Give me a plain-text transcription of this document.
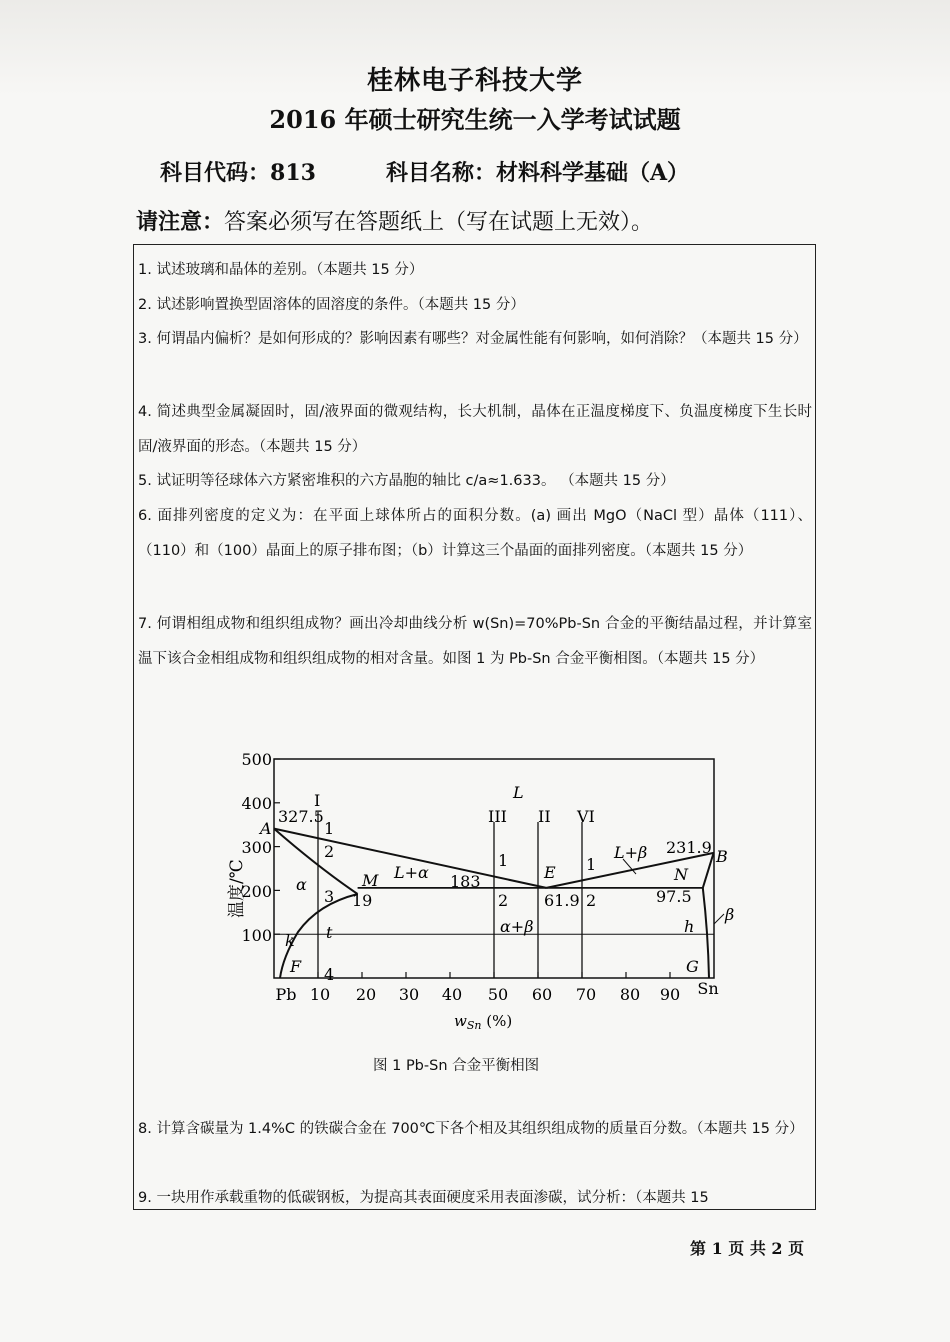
桂林电子科技大学
2016 年硕士研究生统一入学考试试题
科目代码：813	科目名称：材料科学基础（A）
请注意：答案必须写在答题纸上（写在试题上无效）。
1. 试述玻璃和晶体的差别。（本题共 15 分）
2. 试述影响置换型固溶体的固溶度的条件。（本题共 15 分）
3. 何谓晶内偏析？是如何形成的？影响因素有哪些？对金属性能有何影响，如何消除？（本题共 15 分）
4. 简述典型金属凝固时，固/液界面的微观结构，长大机制，晶体在正温度梯度下、负温度梯度下生长时固/液界面的形态。（本题共 15 分）
5. 试证明等径球体六方紧密堆积的六方晶胞的轴比 c/a≈1.633。 （本题共 15 分）
6. 面排列密度的定义为：在平面上球体所占的面积分数。(a) 画出 MgO（NaCl 型）晶体（111）、（110）和（100）晶面上的原子排布图；（b）计算这三个晶面的面排列密度。（本题共 15 分）
7. 何谓相组成物和组织组成物？画出冷却曲线分析 w(Sn)=70%Pb-Sn 合金的平衡结晶过程，并计算室温下该合金相组成物和组织组成物的相对含量。如图 1 为 Pb-Sn 合金平衡相图。（本题共 15 分）
8. 计算含碳量为 1.4%C 的铁碳合金在 700℃下各个相及其组织组成物的质量百分数。（本题共 15 分）
9. 一块用作承载重物的低碳钢板，为提高其表面硬度采用表面渗碳，试分析：（本题共 15
500
400
300
200
100
Pb 10 20 30 40 50 60 70 80 90 Sn
温度/℃
$w_{Sn}$ (%)
L
A
B
M	E	N
F	G
k
h
t
α
β
L+α
L+β
α+β
327.5
231.9
183
19	61.9	97.5
I
III II VI
1
2
3
4
1
2
1
2
图 1 Pb-Sn 合金平衡相图
第 1 页 共 2 页
